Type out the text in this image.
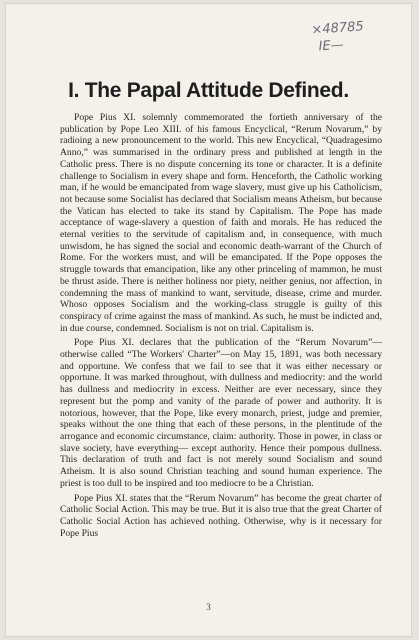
×48785
IE—
I. The Papal Attitude Defined.

Pope Pius XI. solemnly commemorated the fortieth anniversary of the publication by Pope Leo XIII. of his famous Encyclical, “Rerum Novarum,” by radioing a new pronouncement to the world. This new Encyclical, “Quadragesimo Anno,” was summarised in the ordinary press and published at length in the Catholic press. There is no dispute concerning its tone or character. It is a definite challenge to Socialism in every shape and form. Henceforth, the Catholic working man, if he would be emancipated from wage slavery, must give up his Catholicism, not because some Socialist has declared that Socialism means Atheism, but because the Vatican has elected to take its stand by Capitalism. The Pope has made acceptance of wage-slavery a question of faith and morals. He has reduced the eternal verities to the servitude of capitalism and, in consequence, with much unwisdom, he has signed the social and economic death-warrant of the Church of Rome. For the workers must, and will be emancipated. If the Pope opposes the struggle towards that emancipation, like any other princeling of mammon, he must be thrust aside. There is neither holiness nor piety, neither genius, nor affection, in condemning the mass of mankind to want, servitude, disease, crime and murder. Whoso opposes Socialism and the working-class struggle is guilty of this conspiracy of crime against the mass of mankind. As such, he must be indicted and, in due course, condemned. Socialism is not on trial. Capitalism is.

Pope Pius XI. declares that the publication of the “Rerum Novarum”—otherwise called “The Workers' Charter”—on May 15, 1891, was both necessary and opportune. We confess that we fail to see that it was either necessary or opportune. It was marked throughout, with dullness and mediocrity: and the world has dullness and mediocrity in excess. Neither are ever necessary, since they represent but the pomp and vanity of the parade of power and authority. It is notorious, however, that the Pope, like every monarch, priest, judge and premier, speaks without the one thing that each of these persons, in the plentitude of the arrogance and economic circumstance, claim: authority. Those in power, in class or slave society, have everything— except authority. Hence their pompous dullness. This declaration of truth and fact is not merely sound Socialism and sound Atheism. It is also sound Christian teaching and sound human experience. The priest is too dull to be inspired and too mediocre to be a Christian.

Pope Pius XI. states that the “Rerum Novarum” has become the great charter of Catholic Social Action. This may be true. But it is also true that the great Charter of Catholic Social Action has achieved nothing. Otherwise, why is it necessary for Pope Pius

3
